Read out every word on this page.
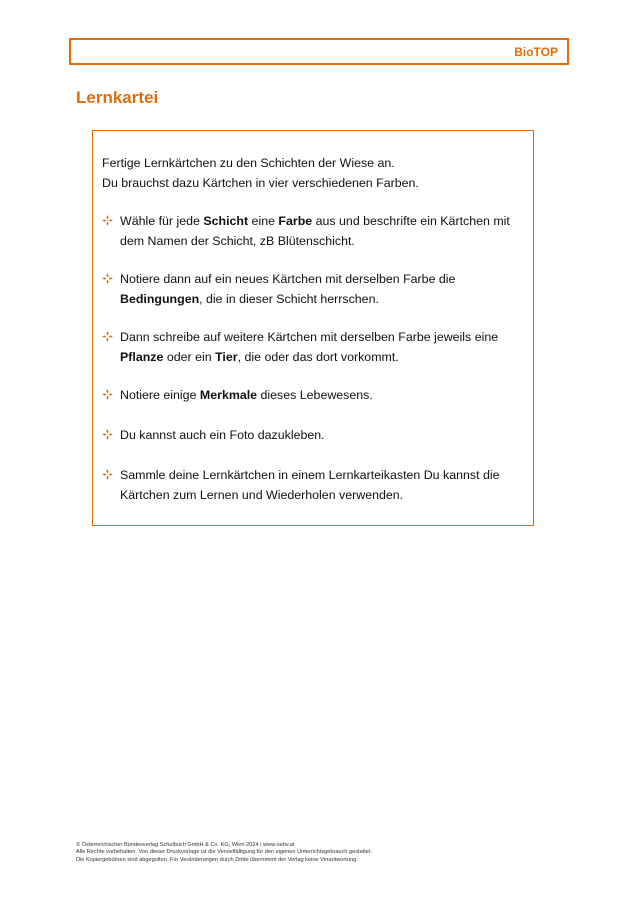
BioTOP
Lernkartei

Fertige Lernkärtchen zu den Schichten der Wiese an.

Du brauchst dazu Kärtchen in vier verschiedenen Farben.

Wähle für jede Schicht eine Farbe aus und beschrifte ein Kärtchen mit dem Namen der Schicht, zB Blütenschicht.
Notiere dann auf ein neues Kärtchen mit derselben Farbe die Bedingungen, die in dieser Schicht herrschen.
Dann schreibe auf weitere Kärtchen mit derselben Farbe jeweils eine Pflanze oder ein Tier, die oder das dort vorkommt.
Notiere einige Merkmale dieses Lebewesens.
Du kannst auch ein Foto dazukleben.
Sammle deine Lernkärtchen in einem Lernkarteikasten Du kannst die Kärtchen zum Lernen und Wiederholen verwenden.

© Österreichischer Bundesverlag Schulbuch GmbH & Co. KG, Wien 2024 | www.oebv.at

Alle Rechte vorbehalten. Von dieser Druckvorlage ist die Vervielfältigung für den eigenen Unterrichtsgebrauch gestattet.

Die Kopiergebühren sind abgegolten. Für Veränderungen durch Dritte übernimmt der Verlag keine Verantwortung.
